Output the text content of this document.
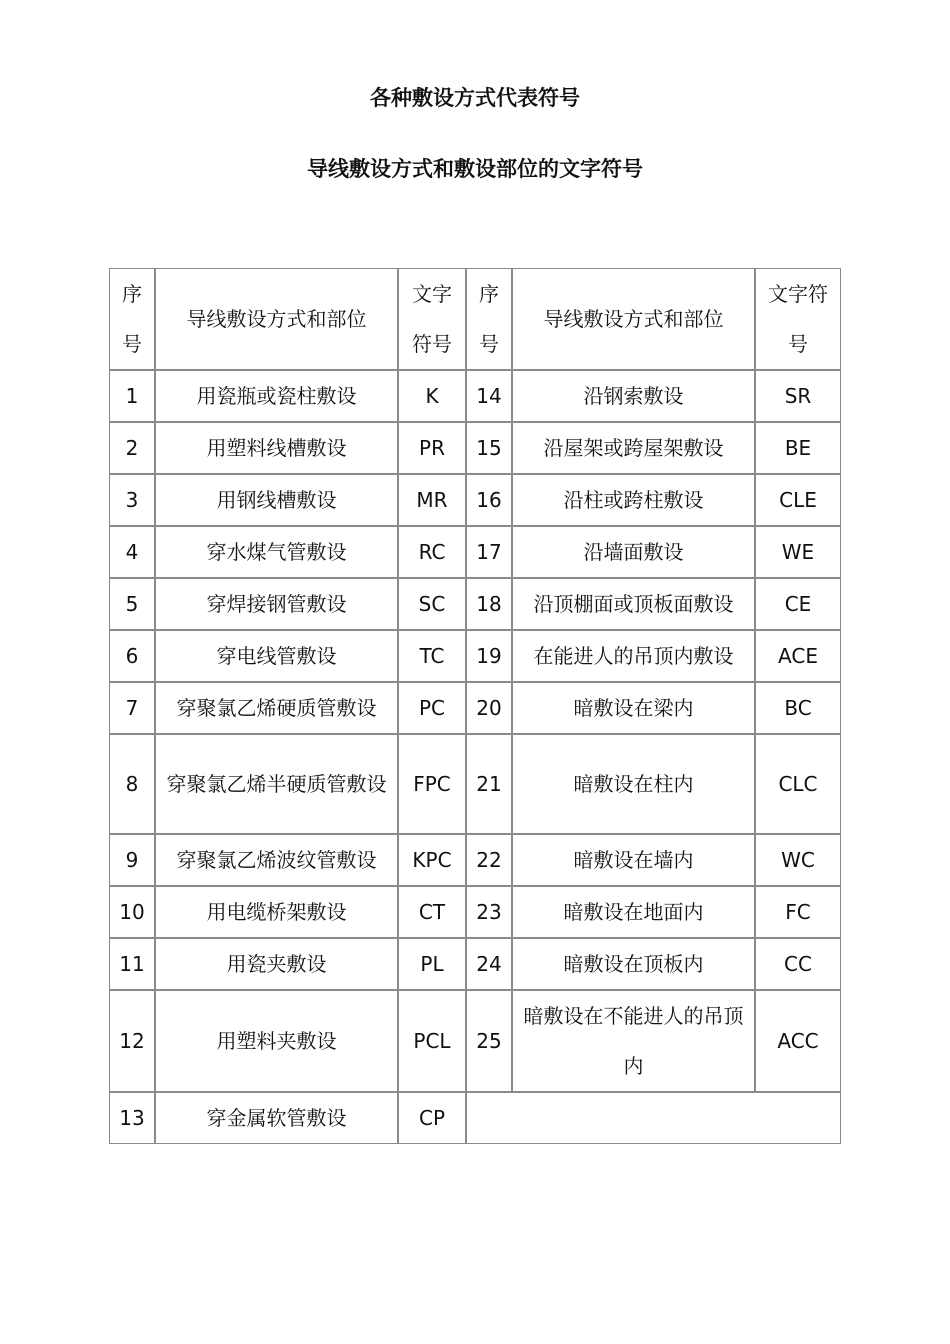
各种敷设方式代表符号
导线敷设方式和敷设部位的文字符号
序号	导线敷设方式和部位	文字符号	序号	导线敷设方式和部位	文字符号
1	用瓷瓶或瓷柱敷设	K	14	沿钢索敷设	SR
2	用塑料线槽敷设	PR	15	沿屋架或跨屋架敷设	BE
3	用钢线槽敷设	MR	16	沿柱或跨柱敷设	CLE
4	穿水煤气管敷设	RC	17	沿墙面敷设	WE
5	穿焊接钢管敷设	SC	18	沿顶棚面或顶板面敷设	CE
6	穿电线管敷设	TC	19	在能进人的吊顶内敷设	ACE
7	穿聚氯乙烯硬质管敷设	PC	20	暗敷设在梁内	BC
8	穿聚氯乙烯半硬质管敷设	FPC	21	暗敷设在柱内	CLC
9	穿聚氯乙烯波纹管敷设	KPC	22	暗敷设在墙内	WC
10	用电缆桥架敷设	CT	23	暗敷设在地面内	FC
11	用瓷夹敷设	PL	24	暗敷设在顶板内	CC
12	用塑料夹敷设	PCL	25	暗敷设在不能进人的吊顶内	ACC
13	穿金属软管敷设	CP			
